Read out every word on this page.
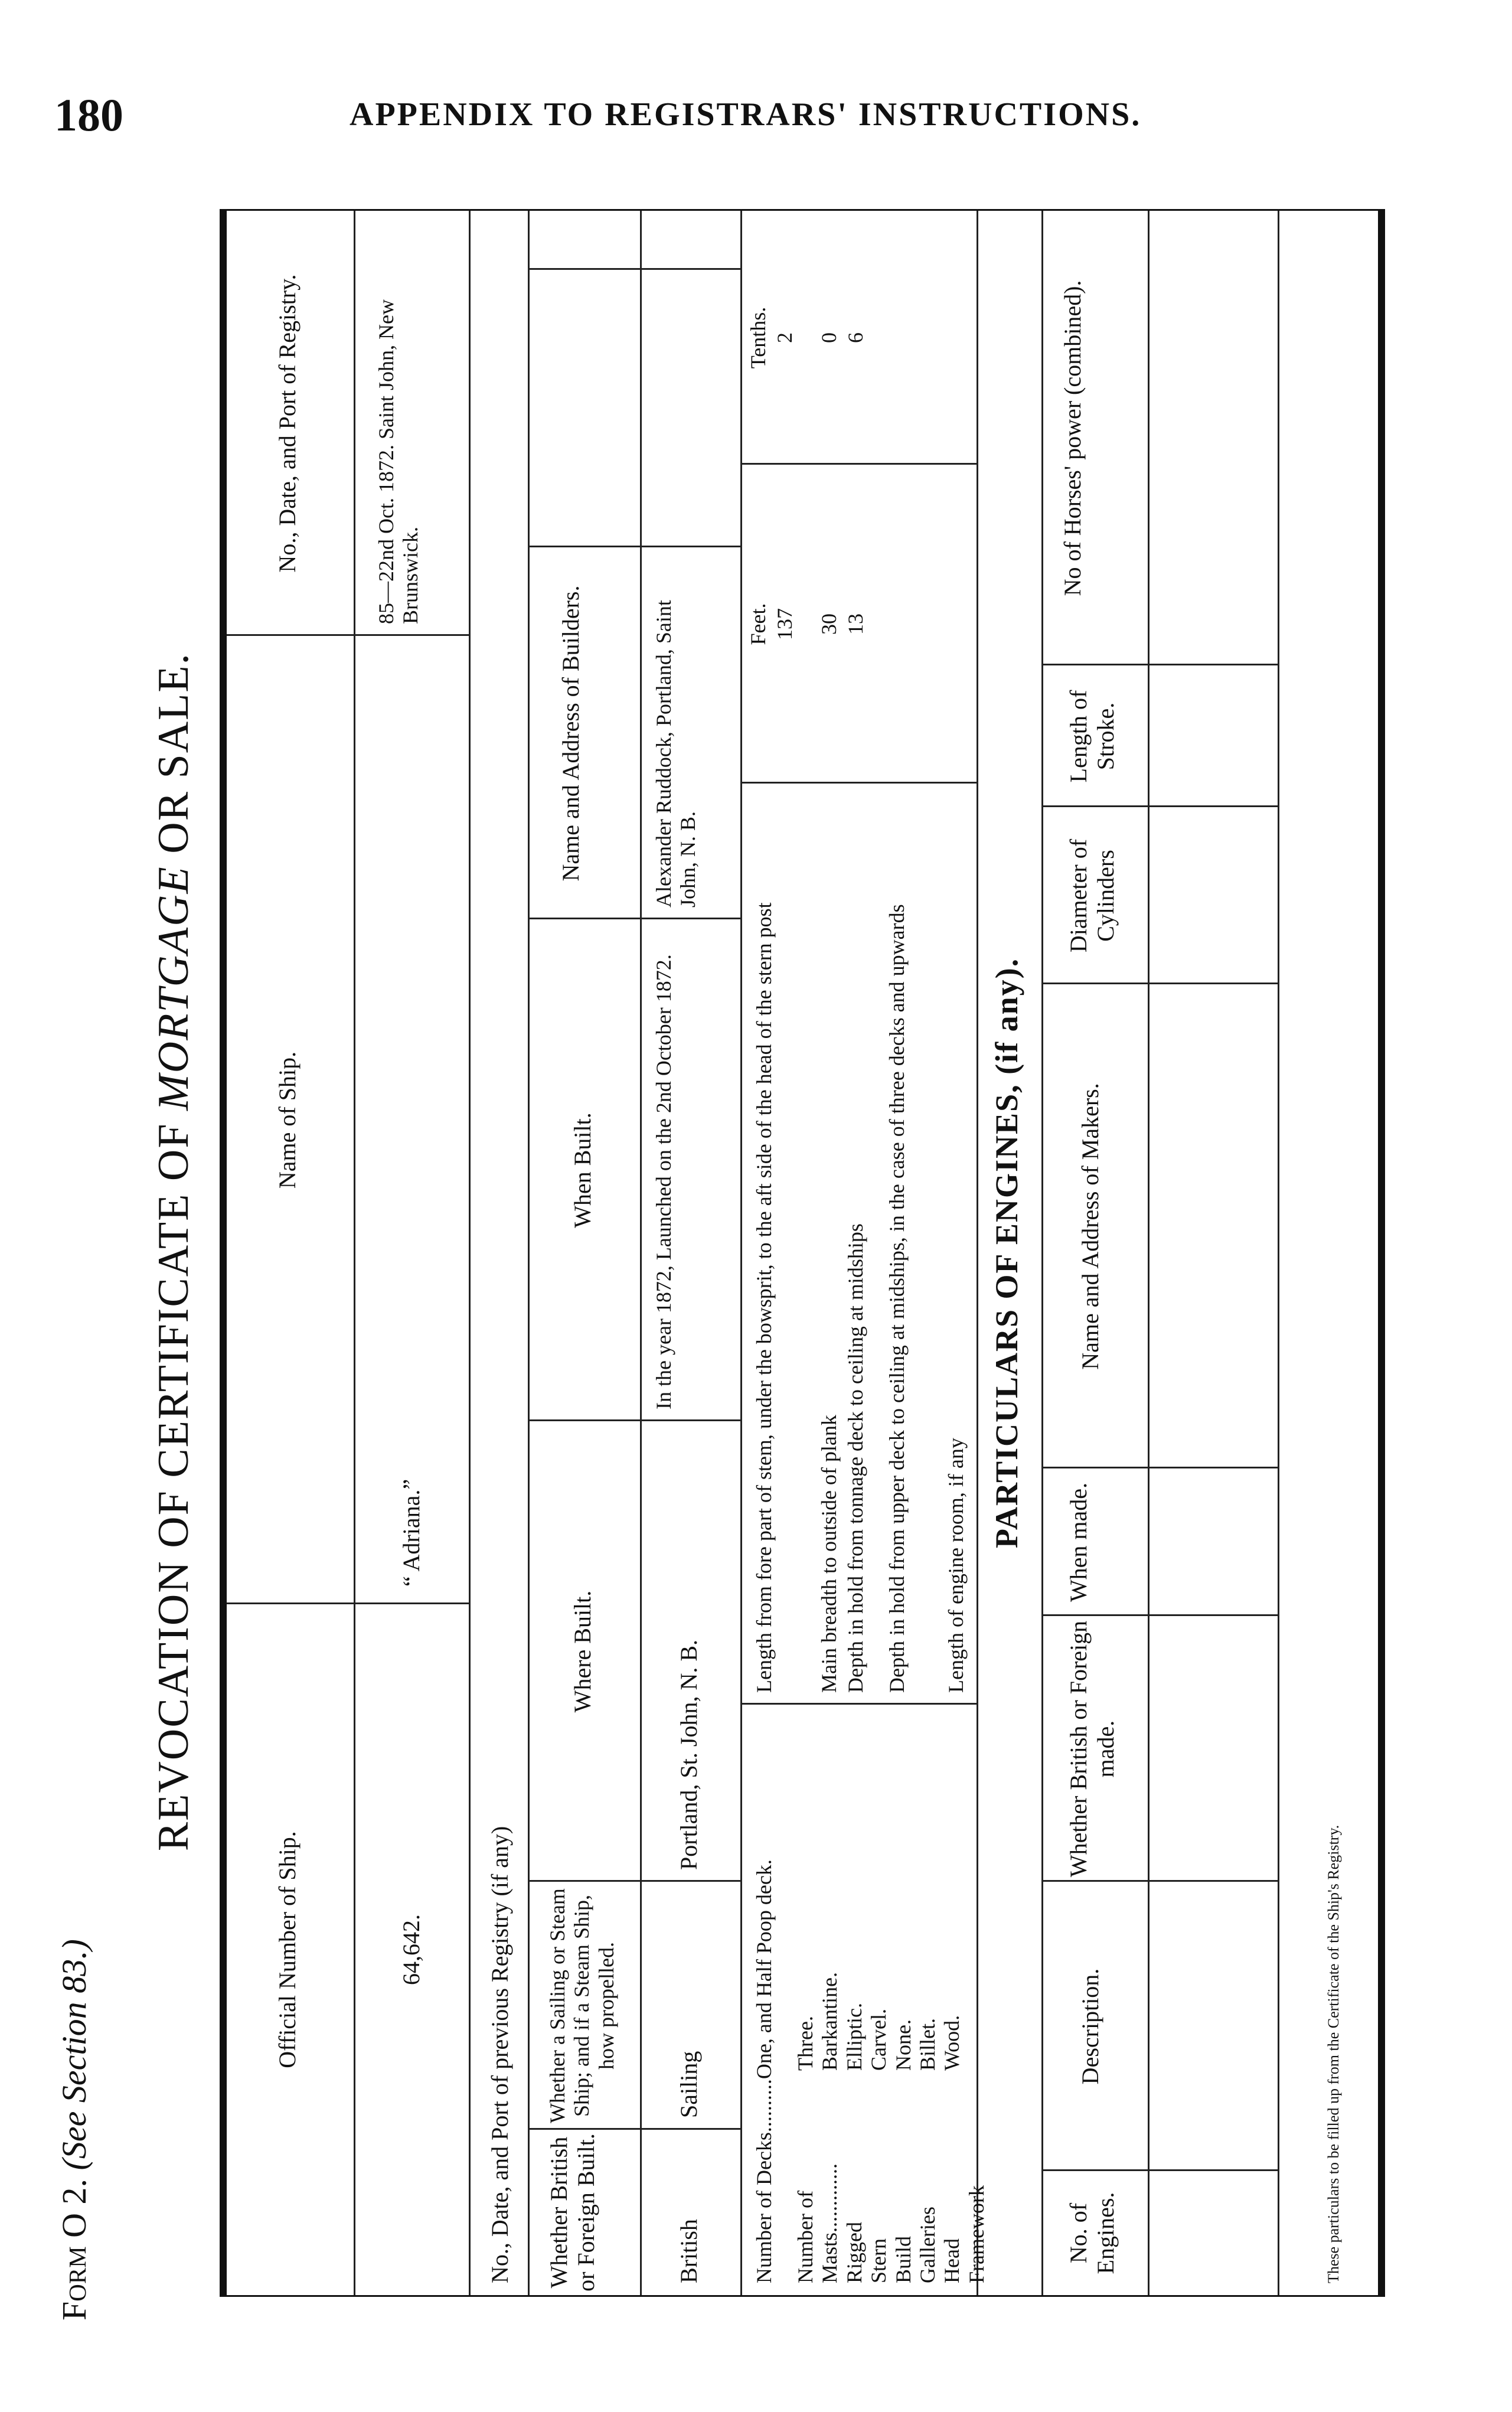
180	APPENDIX TO REGISTRARS' INSTRUCTIONS.
Form O 2. (See Section 83.)
REVOCATION OF CERTIFICATE OF MORTGAGE OR SALE.
Official Number of Ship.
Name of Ship.
No., Date, and Port of Registry.
64,642.
“ Adriana.”
85—22nd Oct. 1872. Saint John, New Brunswick.
No., Date, and Port of previous Registry (if any) Whether British or Foreign Built.
Whether a Sailing or Steam Ship; and if a Steam Ship, how propelled.
Where Built.
When Built.
Name and Address of Builders.
British
Sailing
Portland, St. John, N. B.
In the year 1872, Launched on the 2nd October 1872.
Alexander Ruddock, Portland, Saint John, N. B.
Number of Decks..........One, and Half Poop deck. Number of Masts............. Rigged Stern Build Galleries Head Framework
Three. Barkantine. Elliptic. Carvel. None. Billet. Wood.
Length from fore part of stem, under the bowsprit, to the aft side of the head of the stern post Main breadth to outside of plank Depth in hold from tonnage deck to ceiling at midships Depth in hold from upper deck to ceiling at midships, in the case of three decks and upwards Length of engine room, if any
Feet.
Tenths.
137
2
30
0
13
6
PARTICULARS OF ENGINES, (if any).
No. of Engines.
Description.
Whether British or Foreign made.
When made.
Name and Address of Makers.
Diameter of Cylinders
Length of Stroke.
No of Horses' power (combined).
These particulars to be filled up from the Certificate of the Ship's Registry.
